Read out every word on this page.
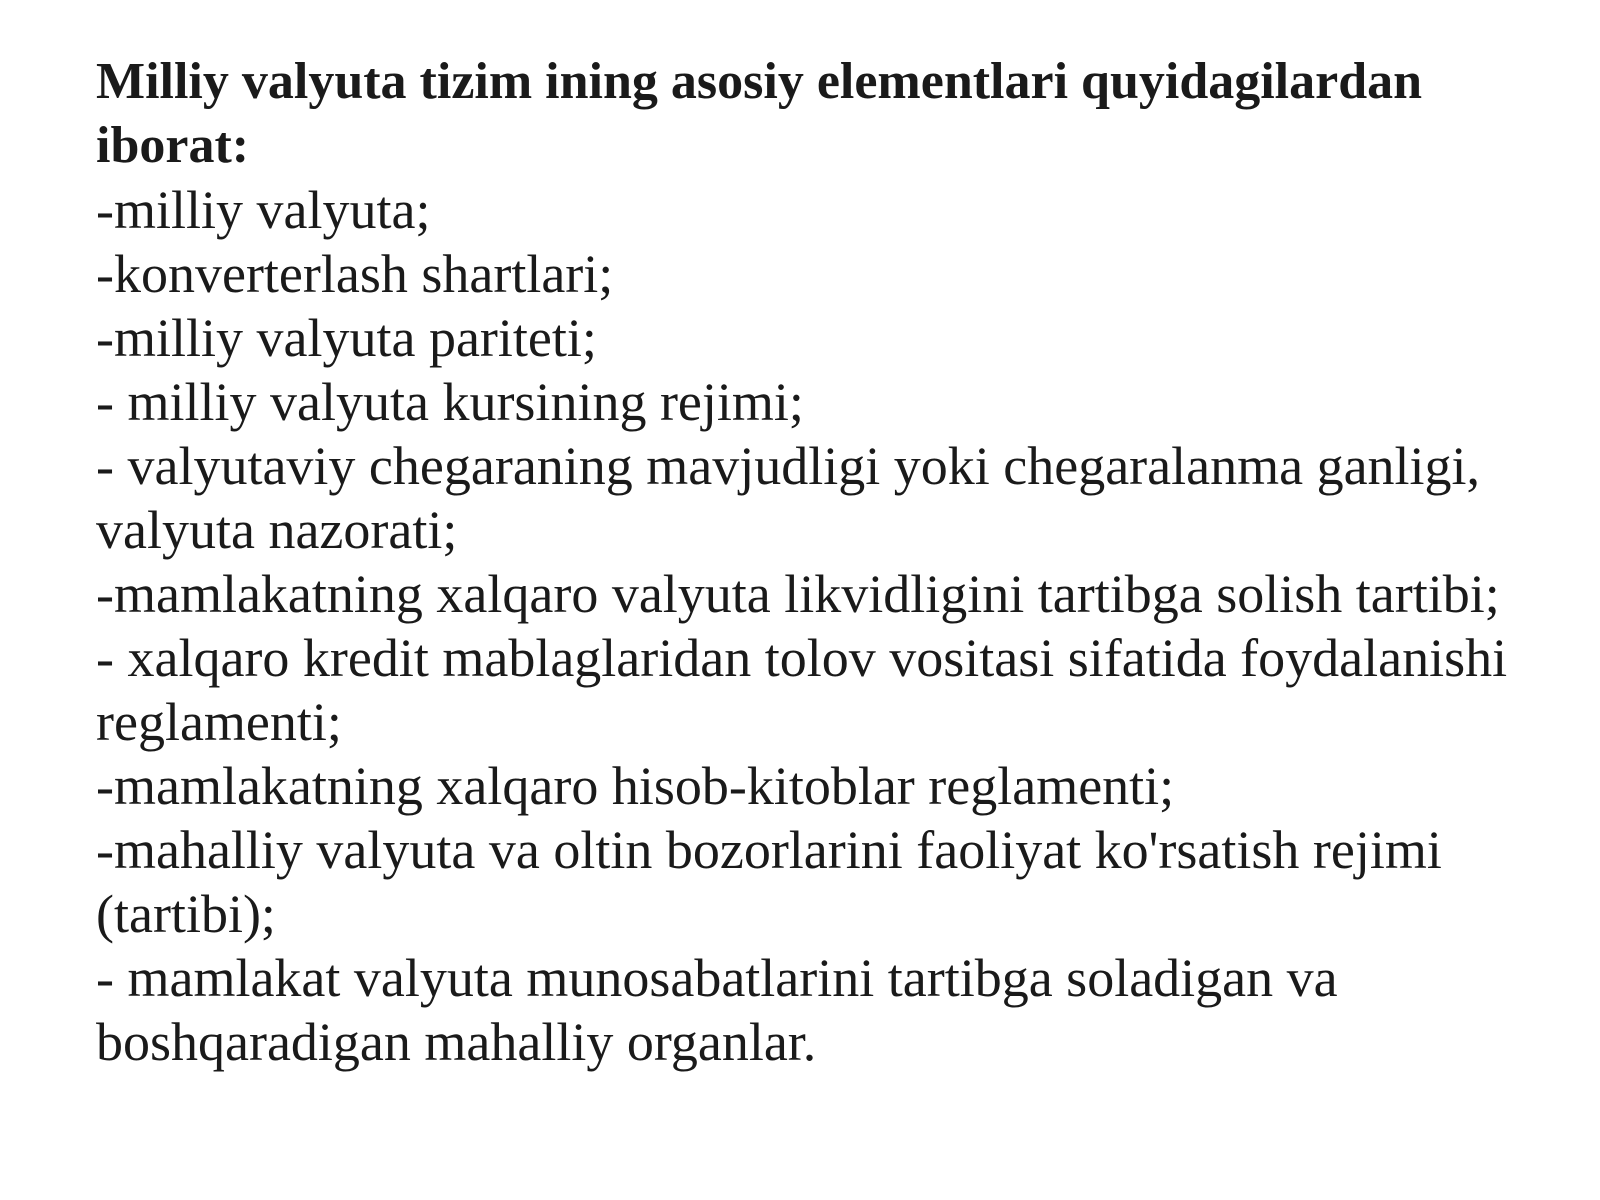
Milliy valyuta tizim ining asosiy elementlari quyidagilardan iborat:
-milliy valyuta;
-konverterlash shartlari;
-milliy valyuta pariteti;
- milliy valyuta kursining rejimi;
- valyutaviy chegaraning mavjudligi yoki chegaralanma ganligi, valyuta nazorati;
-mamlakatning xalqaro valyuta likvidligini tartibga solish tartibi;
- xalqaro kredit mablaglaridan tolov vositasi sifatida foydalanishi reglamenti;
-mamlakatning xalqaro hisob-kitoblar reglamenti;
-mahalliy valyuta va oltin bozorlarini faoliyat ko'rsatish rejimi (tartibi);
- mamlakat valyuta munosabatlarini tartibga soladigan va boshqaradigan mahalliy organlar.
